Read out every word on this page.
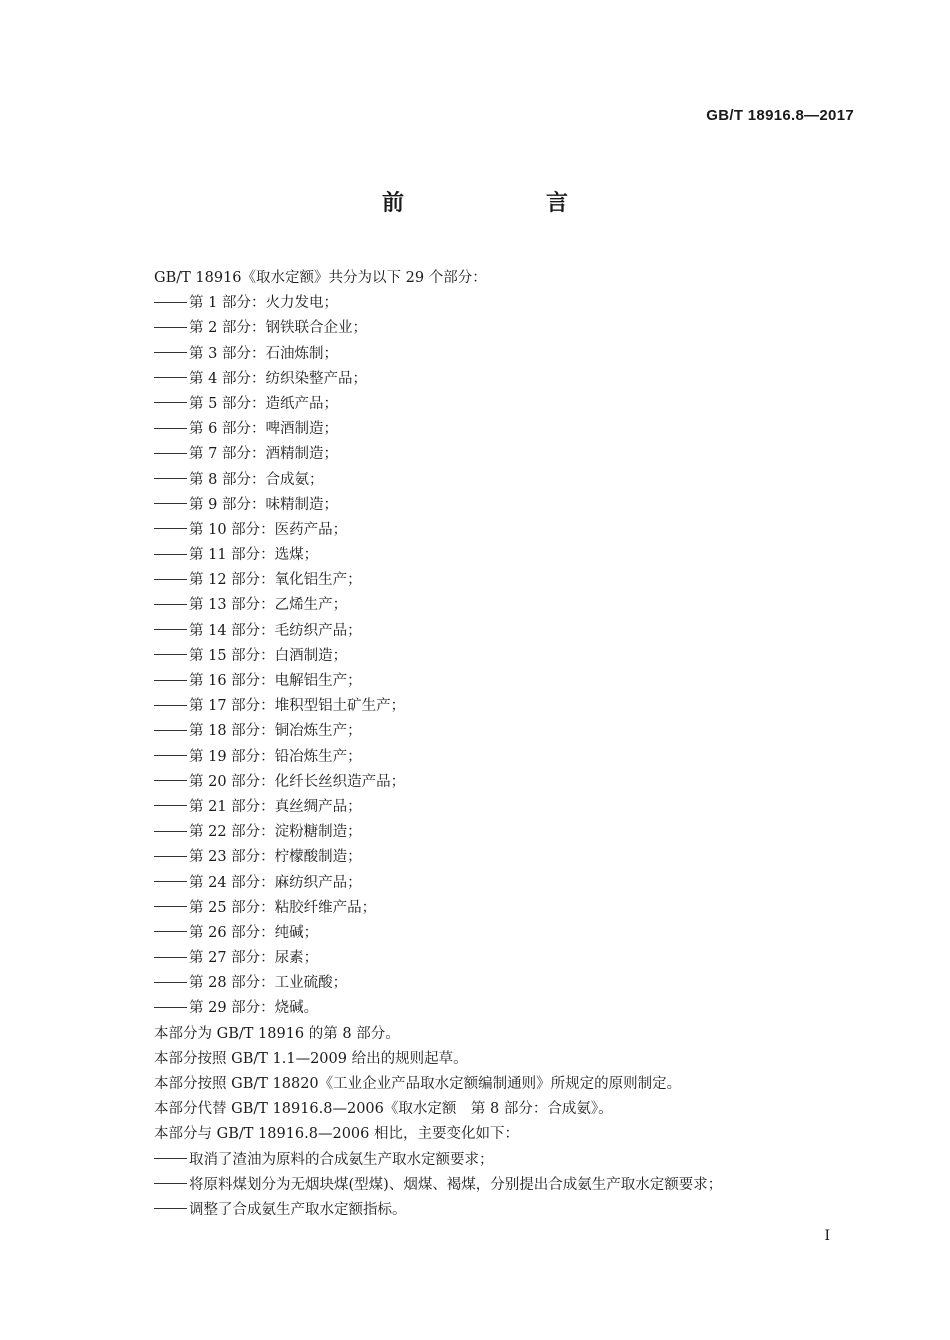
GB/T 18916.8—2017
前　言
GB/T 18916《取水定额》共分为以下 29 个部分：
第 1 部分：火力发电；
第 2 部分：钢铁联合企业；
第 3 部分：石油炼制；
第 4 部分：纺织染整产品；
第 5 部分：造纸产品；
第 6 部分：啤酒制造；
第 7 部分：酒精制造；
第 8 部分：合成氨；
第 9 部分：味精制造；
第 10 部分：医药产品；
第 11 部分：选煤；
第 12 部分：氧化铝生产；
第 13 部分：乙烯生产；
第 14 部分：毛纺织产品；
第 15 部分：白酒制造；
第 16 部分：电解铝生产；
第 17 部分：堆积型铝土矿生产；
第 18 部分：铜冶炼生产；
第 19 部分：铅冶炼生产；
第 20 部分：化纤长丝织造产品；
第 21 部分：真丝绸产品；
第 22 部分：淀粉糖制造；
第 23 部分：柠檬酸制造；
第 24 部分：麻纺织产品；
第 25 部分：粘胶纤维产品；
第 26 部分：纯碱；
第 27 部分：尿素；
第 28 部分：工业硫酸；
第 29 部分：烧碱。
本部分为 GB/T 18916 的第 8 部分。
本部分按照 GB/T 1.1—2009 给出的规则起草。
本部分按照 GB/T 18820《工业企业产品取水定额编制通则》所规定的原则制定。
本部分代替 GB/T 18916.8—2006《取水定额　第 8 部分：合成氨》。
本部分与 GB/T 18916.8—2006 相比，主要变化如下：
取消了渣油为原料的合成氨生产取水定额要求；
将原料煤划分为无烟块煤(型煤)、烟煤、褐煤，分别提出合成氨生产取水定额要求；
调整了合成氨生产取水定额指标。
I
